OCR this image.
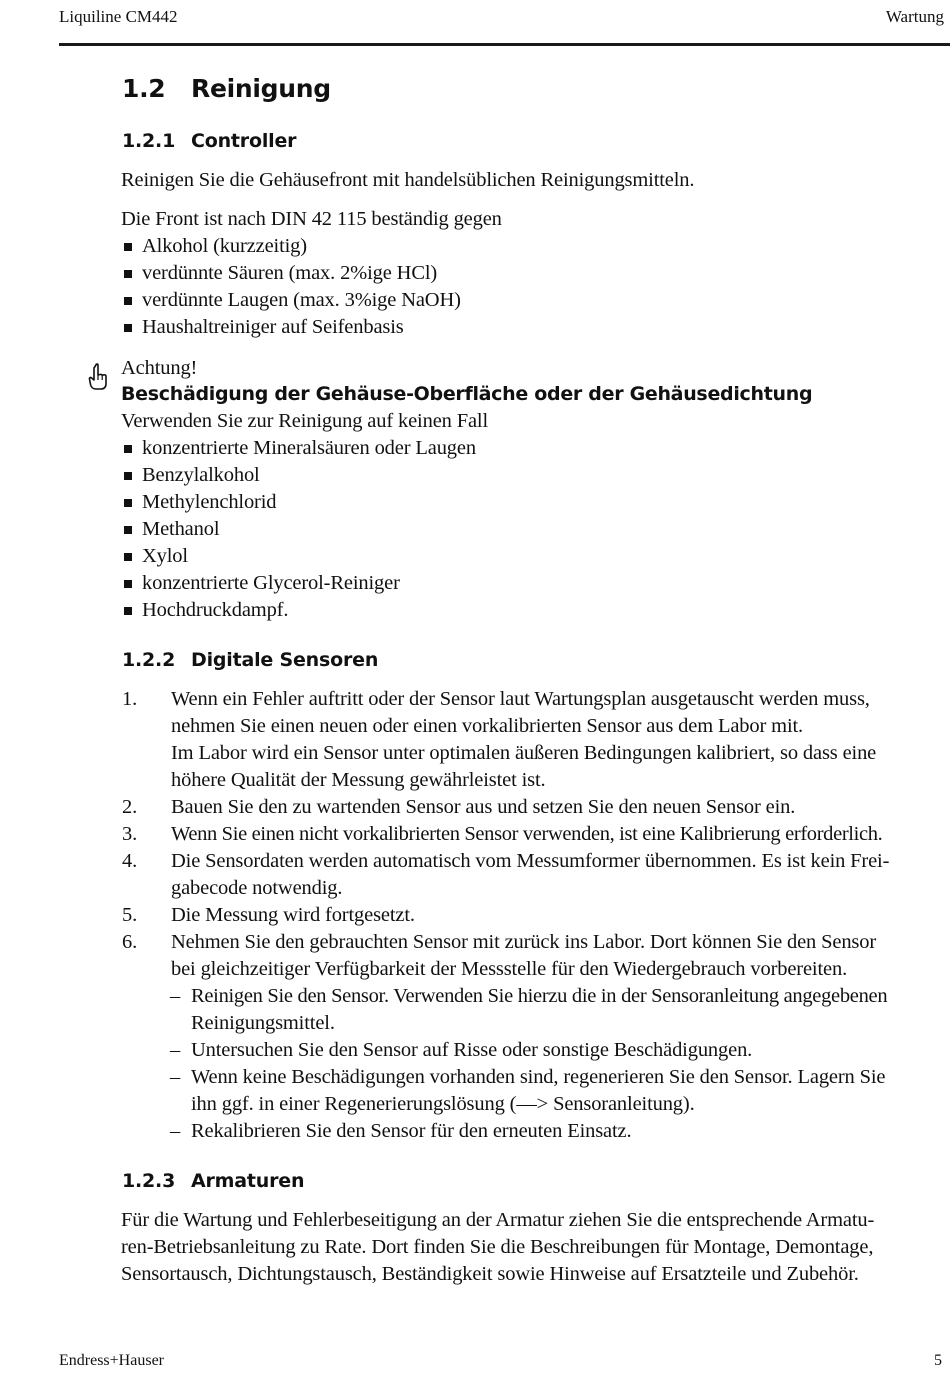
Liquiline CM442	Wartung
1.2 Reinigung
1.2.1 Controller
Reinigen Sie die Gehäusefront mit handelsüblichen Reinigungsmitteln.
Die Front ist nach DIN 42 115 beständig gegen
Alkohol (kurzzeitig)
verdünnte Säuren (max. 2%ige HCl)
verdünnte Laugen (max. 3%ige NaOH)
Haushaltreiniger auf Seifenbasis
Achtung!
Beschädigung der Gehäuse-Oberfläche oder der Gehäusedichtung
Verwenden Sie zur Reinigung auf keinen Fall
konzentrierte Mineralsäuren oder Laugen
Benzylalkohol
Methylenchlorid
Methanol
Xylol
konzentrierte Glycerol-Reiniger
Hochdruckdampf.
1.2.2 Digitale Sensoren
1. Wenn ein Fehler auftritt oder der Sensor laut Wartungsplan ausgetauscht werden muss,
nehmen Sie einen neuen oder einen vorkalibrierten Sensor aus dem Labor mit.
Im Labor wird ein Sensor unter optimalen äußeren Bedingungen kalibriert, so dass eine
höhere Qualität der Messung gewährleistet ist.
2. Bauen Sie den zu wartenden Sensor aus und setzen Sie den neuen Sensor ein.
3. Wenn Sie einen nicht vorkalibrierten Sensor verwenden, ist eine Kalibrierung erforderlich.
4. Die Sensordaten werden automatisch vom Messumformer übernommen. Es ist kein Frei-
gabecode notwendig.
5. Die Messung wird fortgesetzt.
6. Nehmen Sie den gebrauchten Sensor mit zurück ins Labor. Dort können Sie den Sensor
bei gleichzeitiger Verfügbarkeit der Messstelle für den Wiedergebrauch vorbereiten.
– Reinigen Sie den Sensor. Verwenden Sie hierzu die in der Sensoranleitung angegebenen
Reinigungsmittel.
– Untersuchen Sie den Sensor auf Risse oder sonstige Beschädigungen.
– Wenn keine Beschädigungen vorhanden sind, regenerieren Sie den Sensor. Lagern Sie
ihn ggf. in einer Regenerierungslösung (—> Sensoranleitung).
– Rekalibrieren Sie den Sensor für den erneuten Einsatz.
1.2.3 Armaturen
Für die Wartung und Fehlerbeseitigung an der Armatur ziehen Sie die entsprechende Armatu-
ren-Betriebsanleitung zu Rate. Dort finden Sie die Beschreibungen für Montage, Demontage,
Sensortausch, Dichtungstausch, Beständigkeit sowie Hinweise auf Ersatzteile und Zubehör.
Endress+Hauser	5
